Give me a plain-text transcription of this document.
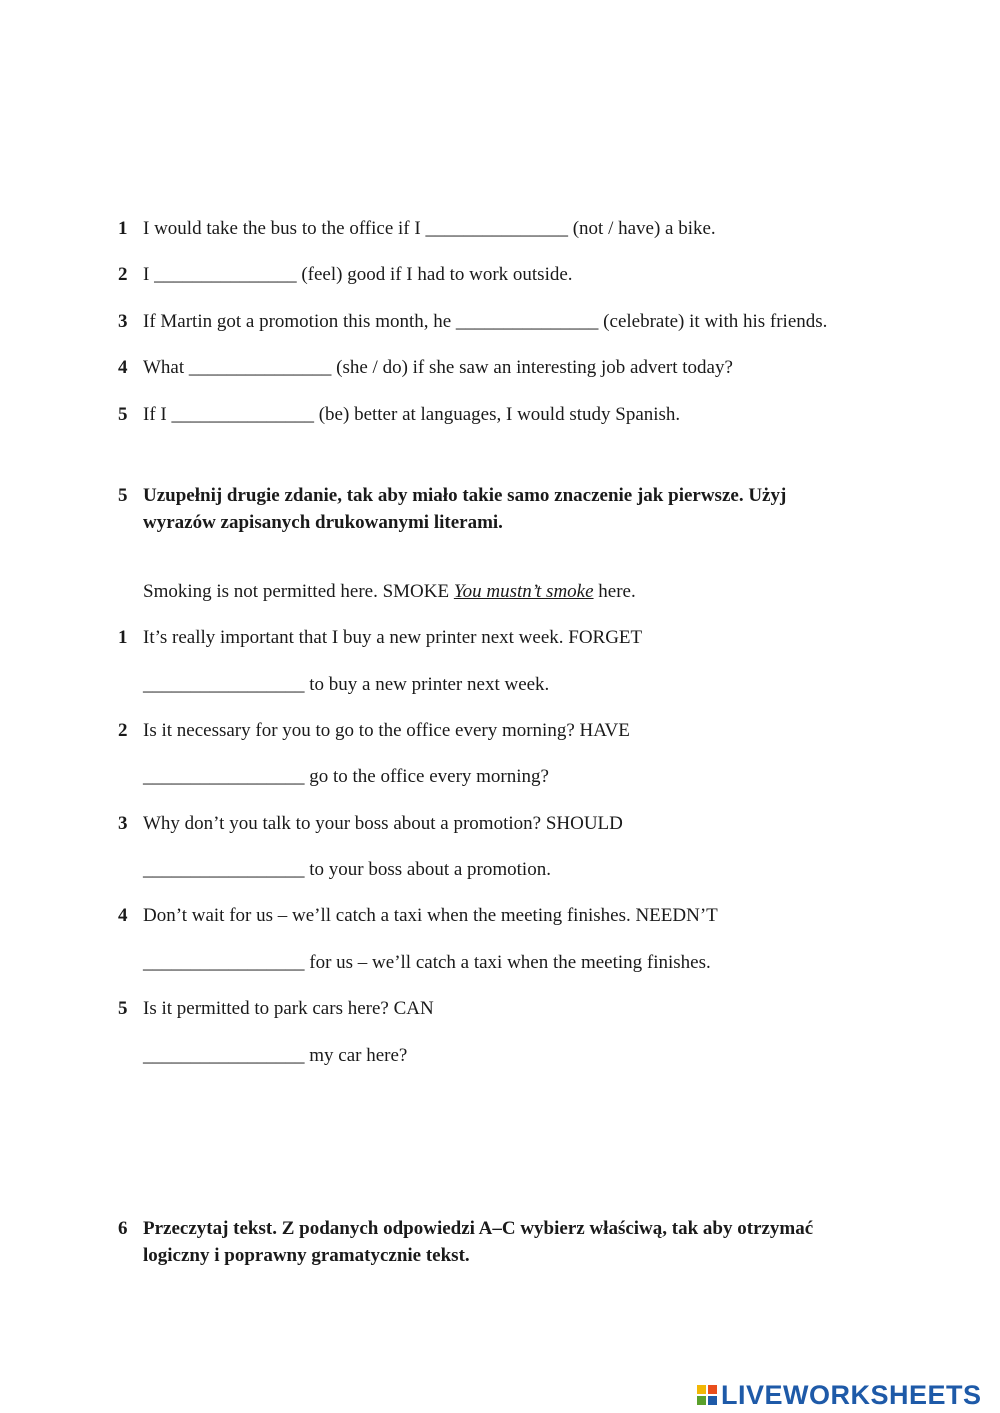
1 I would take the bus to the office if I _______________ (not / have) a bike.
2 I _______________ (feel) good if I had to work outside.
3 If Martin got a promotion this month, he _______________ (celebrate) it with his friends.
4 What _______________ (she / do) if she saw an interesting job advert today?
5 If I _______________ (be) better at languages, I would study Spanish.
5 Uzupełnij drugie zdanie, tak aby miało takie samo znaczenie jak pierwsze. Użyj wyrazów zapisanych drukowanymi literami.
Smoking is not permitted here. SMOKE You mustn’t smoke here.
1 It’s really important that I buy a new printer next week. FORGET
_________________ to buy a new printer next week.
2 Is it necessary for you to go to the office every morning? HAVE
_________________ go to the office every morning?
3 Why don’t you talk to your boss about a promotion? SHOULD
_________________ to your boss about a promotion.
4 Don’t wait for us – we’ll catch a taxi when the meeting finishes. NEEDN’T
_________________ for us – we’ll catch a taxi when the meeting finishes.
5 Is it permitted to park cars here? CAN
_________________ my car here?
6 Przeczytaj tekst. Z podanych odpowiedzi A–C wybierz właściwą, tak aby otrzymać logiczny i poprawny gramatycznie tekst.
LIVEWORKSHEETS
